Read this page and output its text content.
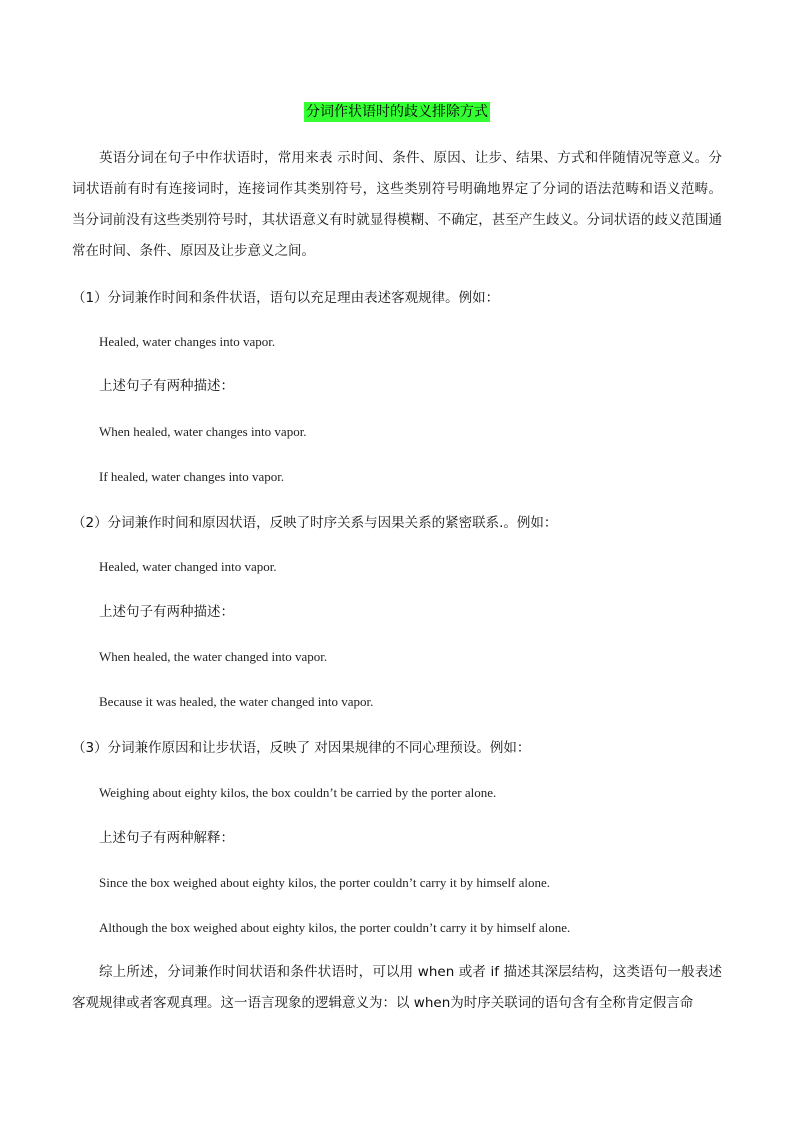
分词作状语时的歧义排除方式
英语分词在句子中作状语时，常用来表 示时间、条件、原因、让步、结果、方式和伴随情况等意义。分词状语前有时有连接词时，连接词作其类别符号，这些类别符号明确地界定了分词的语法范畴和语义范畴。 当分词前没有这些类别符号时，其状语意义有时就显得模糊、不确定，甚至产生歧义。分词状语的歧义范围通 常在时间、条件、原因及让步意义之间。
（1）分词兼作时间和条件状语，语句以充足理由表述客观规律。例如：
Healed, water changes into vapor.
上述句子有两种描述：
When healed, water changes into vapor.
If healed, water changes into vapor.
（2）分词兼作时间和原因状语，反映了时序关系与因果关系的紧密联系.。例如：
Healed, water changed into vapor.
上述句子有两种描述：
When healed, the water changed into vapor.
Because it was healed, the water changed into vapor.
（3）分词兼作原因和让步状语，反映了 对因果规律的不同心理预设。例如：
Weighing about eighty kilos, the box couldn’t be carried by the porter alone.
上述句子有两种解释：
Since the box weighed about eighty kilos, the porter couldn’t carry it by himself alone.
Although the box weighed about eighty kilos, the porter couldn’t carry it by himself alone.
综上所述，分词兼作时间状语和条件状语时，可以用 when 或者 if 描述其深层结构，这类语句一般表述客观规律或者客观真理。这一语言现象的逻辑意义为：以 when为时序关联词的语句含有全称肯定假言命
